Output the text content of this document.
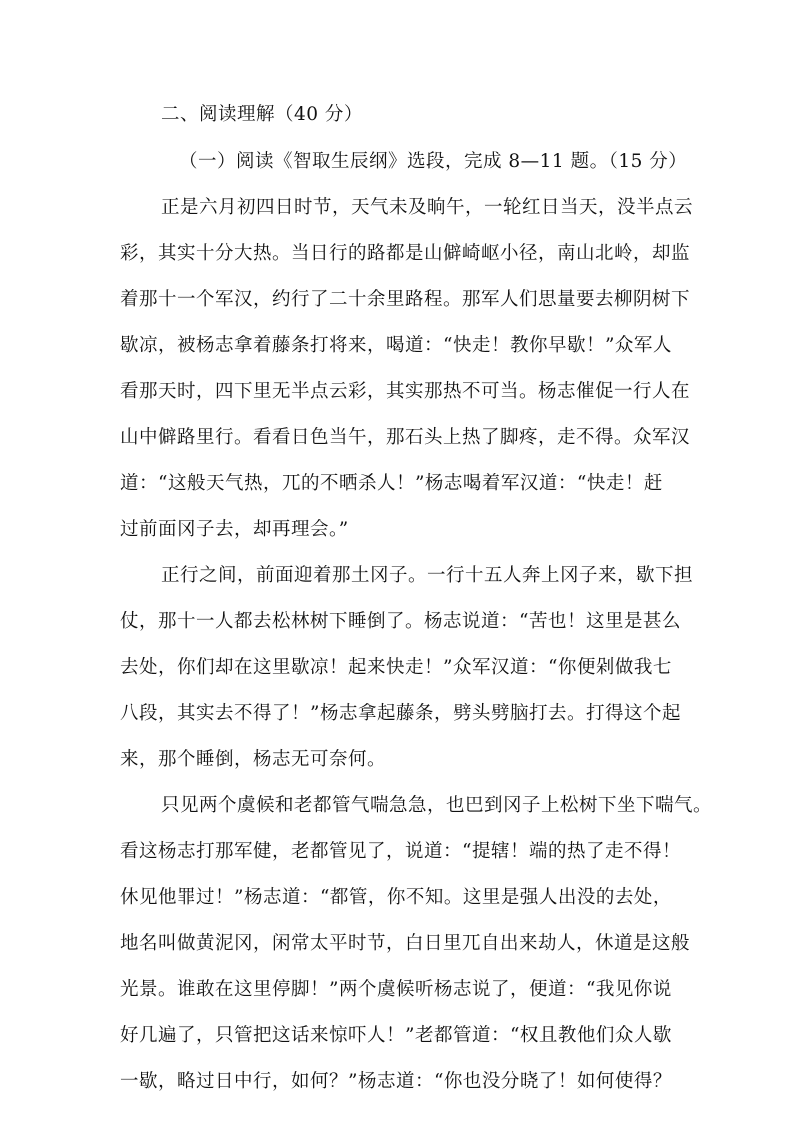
二、阅读理解（40 分）
（一）阅读《智取生辰纲》选段，完成 8—11 题。（15 分）
正是六月初四日时节，天气未及晌午，一轮红日当天，没半点云
彩，其实十分大热。当日行的路都是山僻崎岖小径，南山北岭，却监
着那十一个军汉，约行了二十余里路程。那军人们思量要去柳阴树下
歇凉，被杨志拿着藤条打将来，喝道：“快走！教你早歇！”众军人
看那天时，四下里无半点云彩，其实那热不可当。杨志催促一行人在
山中僻路里行。看看日色当午，那石头上热了脚疼，走不得。众军汉
道：“这般天气热，兀的不晒杀人！”杨志喝着军汉道：“快走！赶
过前面冈子去，却再理会。”
正行之间，前面迎着那土冈子。一行十五人奔上冈子来，歇下担
仗，那十一人都去松林树下睡倒了。杨志说道：“苦也！这里是甚么
去处，你们却在这里歇凉！起来快走！”众军汉道：“你便剁做我七
八段，其实去不得了！”杨志拿起藤条，劈头劈脑打去。打得这个起
来，那个睡倒，杨志无可奈何。
只见两个虞候和老都管气喘急急，也巴到冈子上松树下坐下喘气。
看这杨志打那军健，老都管见了，说道：“提辖！端的热了走不得！
休见他罪过！”杨志道：“都管，你不知。这里是强人出没的去处，
地名叫做黄泥冈，闲常太平时节，白日里兀自出来劫人，休道是这般
光景。谁敢在这里停脚！”两个虞候听杨志说了，便道：“我见你说
好几遍了，只管把这话来惊吓人！”老都管道：“权且教他们众人歇
一歇，略过日中行，如何？”杨志道：“你也没分晓了！如何使得？
